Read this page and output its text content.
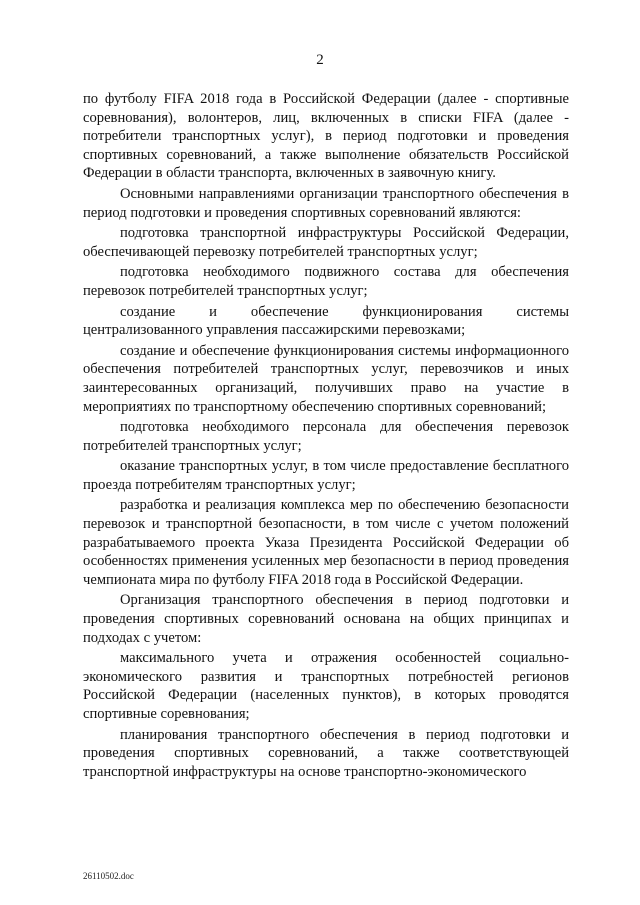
2

по футболу FIFA 2018 года в Российской Федерации (далее - спортивные соревнования), волонтеров, лиц, включенных в списки FIFA (далее - потребители транспортных услуг), в период подготовки и проведения спортивных соревнований, а также выполнение обязательств Российской Федерации в области транспорта, включенных в заявочную книгу.

Основными направлениями организации транспортного обеспечения в период подготовки и проведения спортивных соревнований являются:

подготовка транспортной инфраструктуры Российской Федерации, обеспечивающей перевозку потребителей транспортных услуг;

подготовка необходимого подвижного состава для обеспечения перевозок потребителей транспортных услуг;

создание и обеспечение функционирования системы централизованного управления пассажирскими перевозками;

создание и обеспечение функционирования системы информационного обеспечения потребителей транспортных услуг, перевозчиков и иных заинтересованных организаций, получивших право на участие в мероприятиях по транспортному обеспечению спортивных соревнований;

подготовка необходимого персонала для обеспечения перевозок потребителей транспортных услуг;

оказание транспортных услуг, в том числе предоставление бесплатного проезда потребителям транспортных услуг;

разработка и реализация комплекса мер по обеспечению безопасности перевозок и транспортной безопасности, в том числе с учетом положений разрабатываемого проекта Указа Президента Российской Федерации об особенностях применения усиленных мер безопасности в период проведения чемпионата мира по футболу FIFA 2018 года в Российской Федерации.

Организация транспортного обеспечения в период подготовки и проведения спортивных соревнований основана на общих принципах и подходах с учетом:

максимального учета и отражения особенностей социально-экономического развития и транспортных потребностей регионов Российской Федерации (населенных пунктов), в которых проводятся спортивные соревнования;

планирования транспортного обеспечения в период подготовки и проведения спортивных соревнований, а также соответствующей транспортной инфраструктуры на основе транспортно-экономического

26110502.doc
